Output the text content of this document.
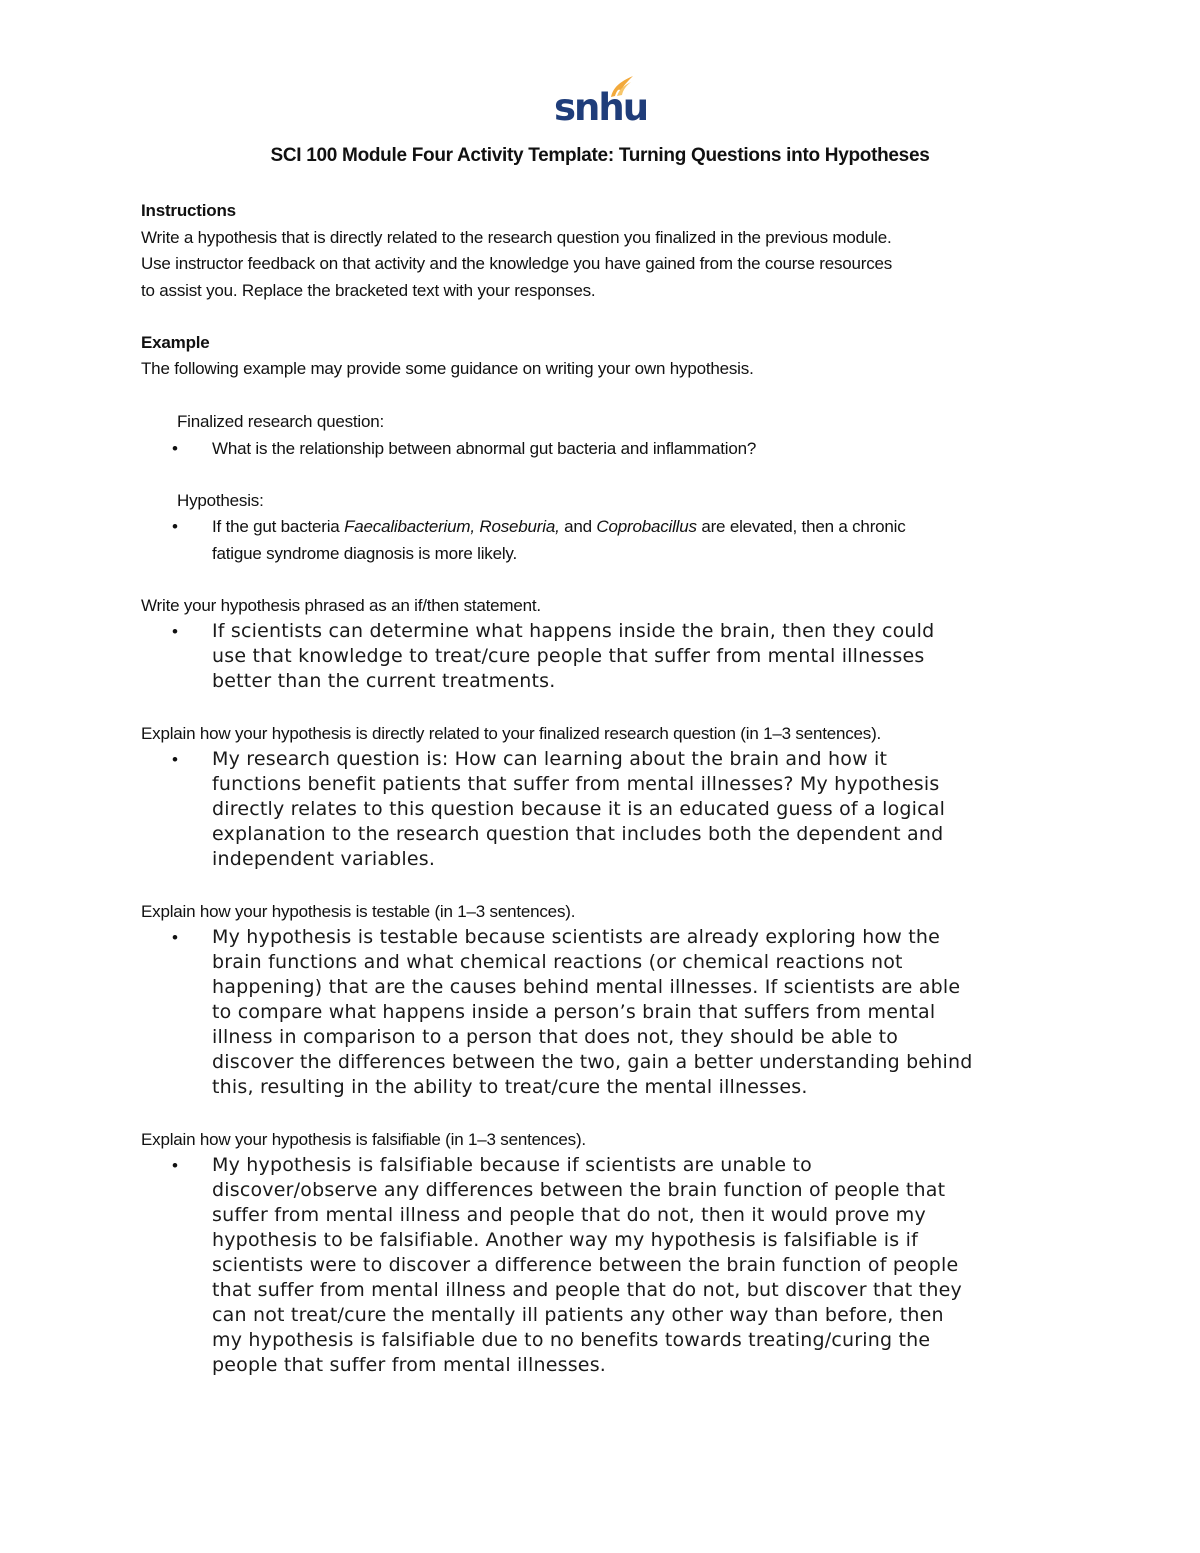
snhu
SCI 100 Module Four Activity Template: Turning Questions into Hypotheses
Instructions
Write a hypothesis that is directly related to the research question you finalized in the previous module.
Use instructor feedback on that activity and the knowledge you have gained from the course resources
to assist you. Replace the bracketed text with your responses.
Example
The following example may provide some guidance on writing your own hypothesis.
Finalized research question:
• What is the relationship between abnormal gut bacteria and inflammation?
Hypothesis:
• If the gut bacteria Faecalibacterium, Roseburia, and Coprobacillus are elevated, then a chronic
fatigue syndrome diagnosis is more likely.
Write your hypothesis phrased as an if/then statement.
• If scientists can determine what happens inside the brain, then they could
use that knowledge to treat/cure people that suffer from mental illnesses
better than the current treatments.
Explain how your hypothesis is directly related to your finalized research question (in 1–3 sentences).
• My research question is: How can learning about the brain and how it
functions benefit patients that suffer from mental illnesses? My hypothesis
directly relates to this question because it is an educated guess of a logical
explanation to the research question that includes both the dependent and
independent variables.
Explain how your hypothesis is testable (in 1–3 sentences).
• My hypothesis is testable because scientists are already exploring how the
brain functions and what chemical reactions (or chemical reactions not
happening) that are the causes behind mental illnesses. If scientists are able
to compare what happens inside a person’s brain that suffers from mental
illness in comparison to a person that does not, they should be able to
discover the differences between the two, gain a better understanding behind
this, resulting in the ability to treat/cure the mental illnesses.
Explain how your hypothesis is falsifiable (in 1–3 sentences).
• My hypothesis is falsifiable because if scientists are unable to
discover/observe any differences between the brain function of people that
suffer from mental illness and people that do not, then it would prove my
hypothesis to be falsifiable. Another way my hypothesis is falsifiable is if
scientists were to discover a difference between the brain function of people
that suffer from mental illness and people that do not, but discover that they
can not treat/cure the mentally ill patients any other way than before, then
my hypothesis is falsifiable due to no benefits towards treating/curing the
people that suffer from mental illnesses.
